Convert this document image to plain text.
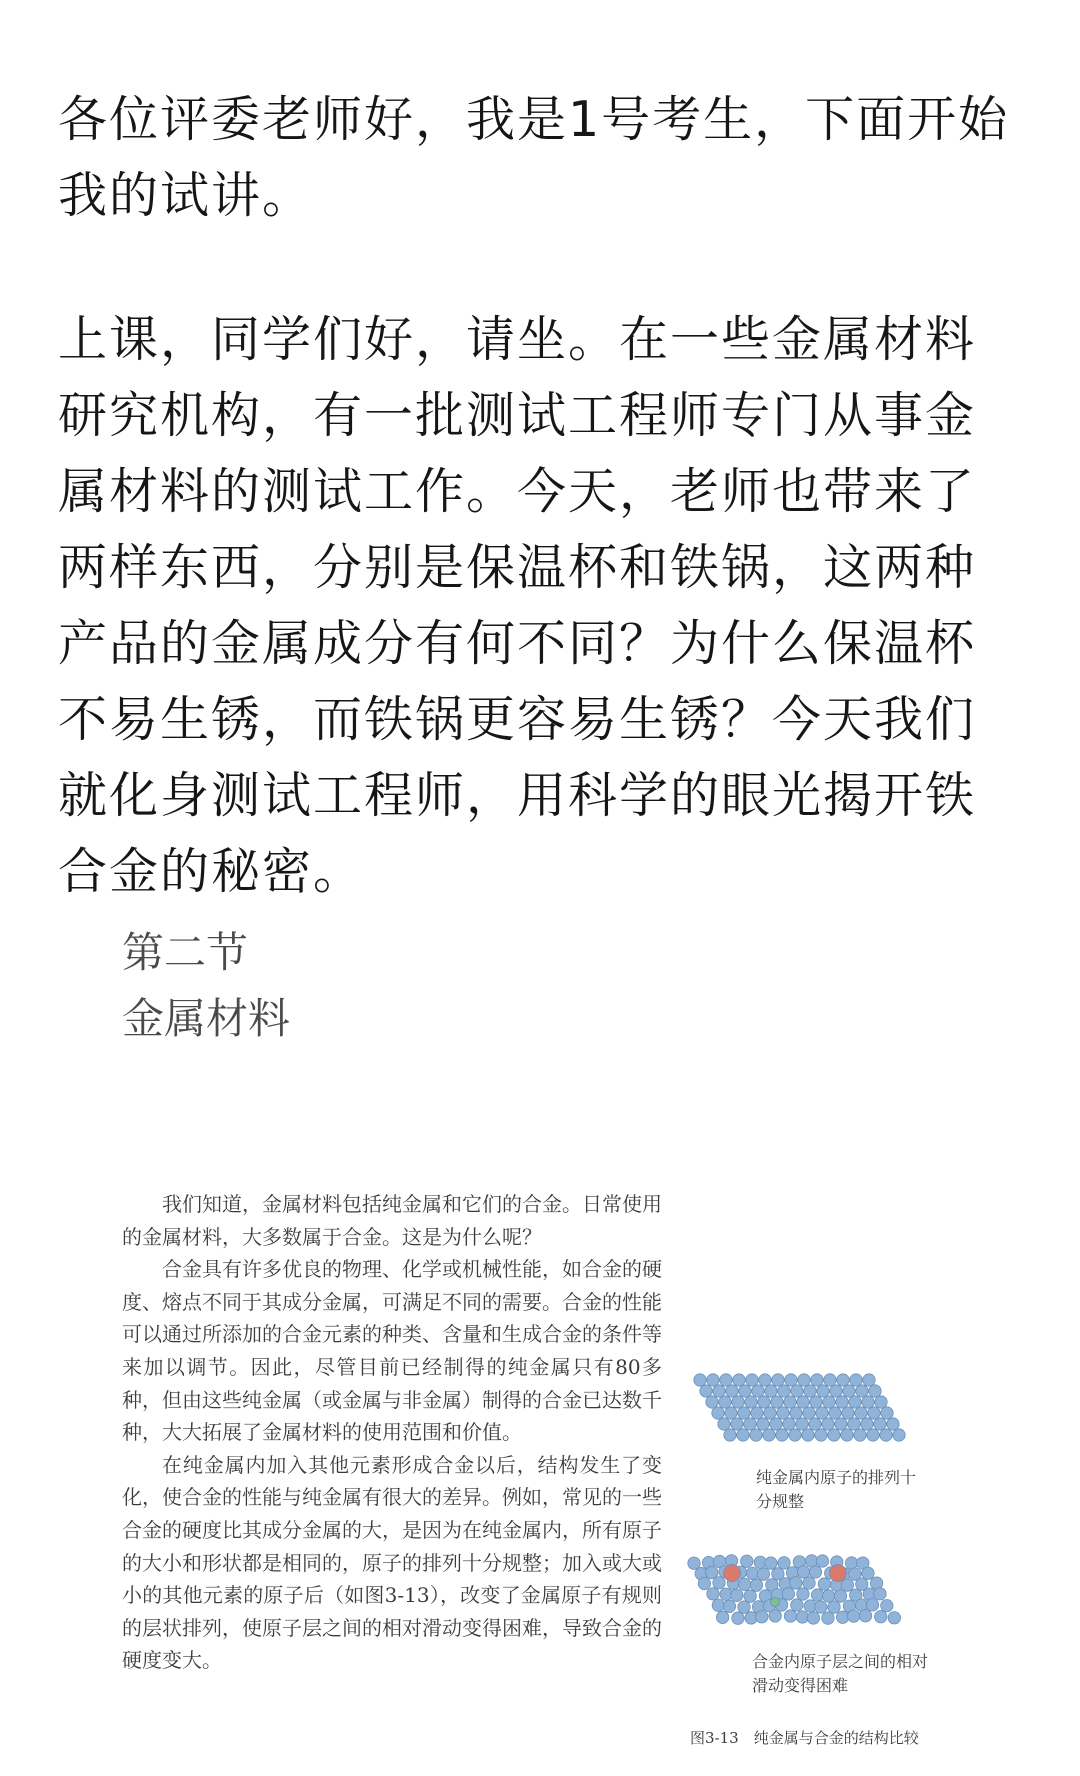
各位评委老师好，我是1号考生，下面开始我的试讲。

上课，同学们好，请坐。在一些金属材料研究机构，有一批测试工程师专门从事金属材料的测试工作。今天，老师也带来了两样东西，分别是保温杯和铁锅，这两种产品的金属成分有何不同？为什么保温杯不易生锈，而铁锅更容易生锈？今天我们就化身测试工程师，用科学的眼光揭开铁合金的秘密。

第二节
金属材料

我们知道，金属材料包括纯金属和它们的合金。日常使用的金属材料，大多数属于合金。这是为什么呢？

合金具有许多优良的物理、化学或机械性能，如合金的硬度、熔点不同于其成分金属，可满足不同的需要。合金的性能可以通过所添加的合金元素的种类、含量和生成合金的条件等来加以调节。因此，尽管目前已经制得的纯金属只有80多种，但由这些纯金属（或金属与非金属）制得的合金已达数千种，大大拓展了金属材料的使用范围和价值。

在纯金属内加入其他元素形成合金以后，结构发生了变化，使合金的性能与纯金属有很大的差异。例如，常见的一些合金的硬度比其成分金属的大，是因为在纯金属内，所有原子的大小和形状都是相同的，原子的排列十分规整；加入或大或小的其他元素的原子后（如图3-13），改变了金属原子有规则的层状排列，使原子层之间的相对滑动变得困难，导致合金的硬度变大。

纯金属内原子的排列十分规整
合金内原子层之间的相对滑动变得困难
图3-13　纯金属与合金的结构比较
